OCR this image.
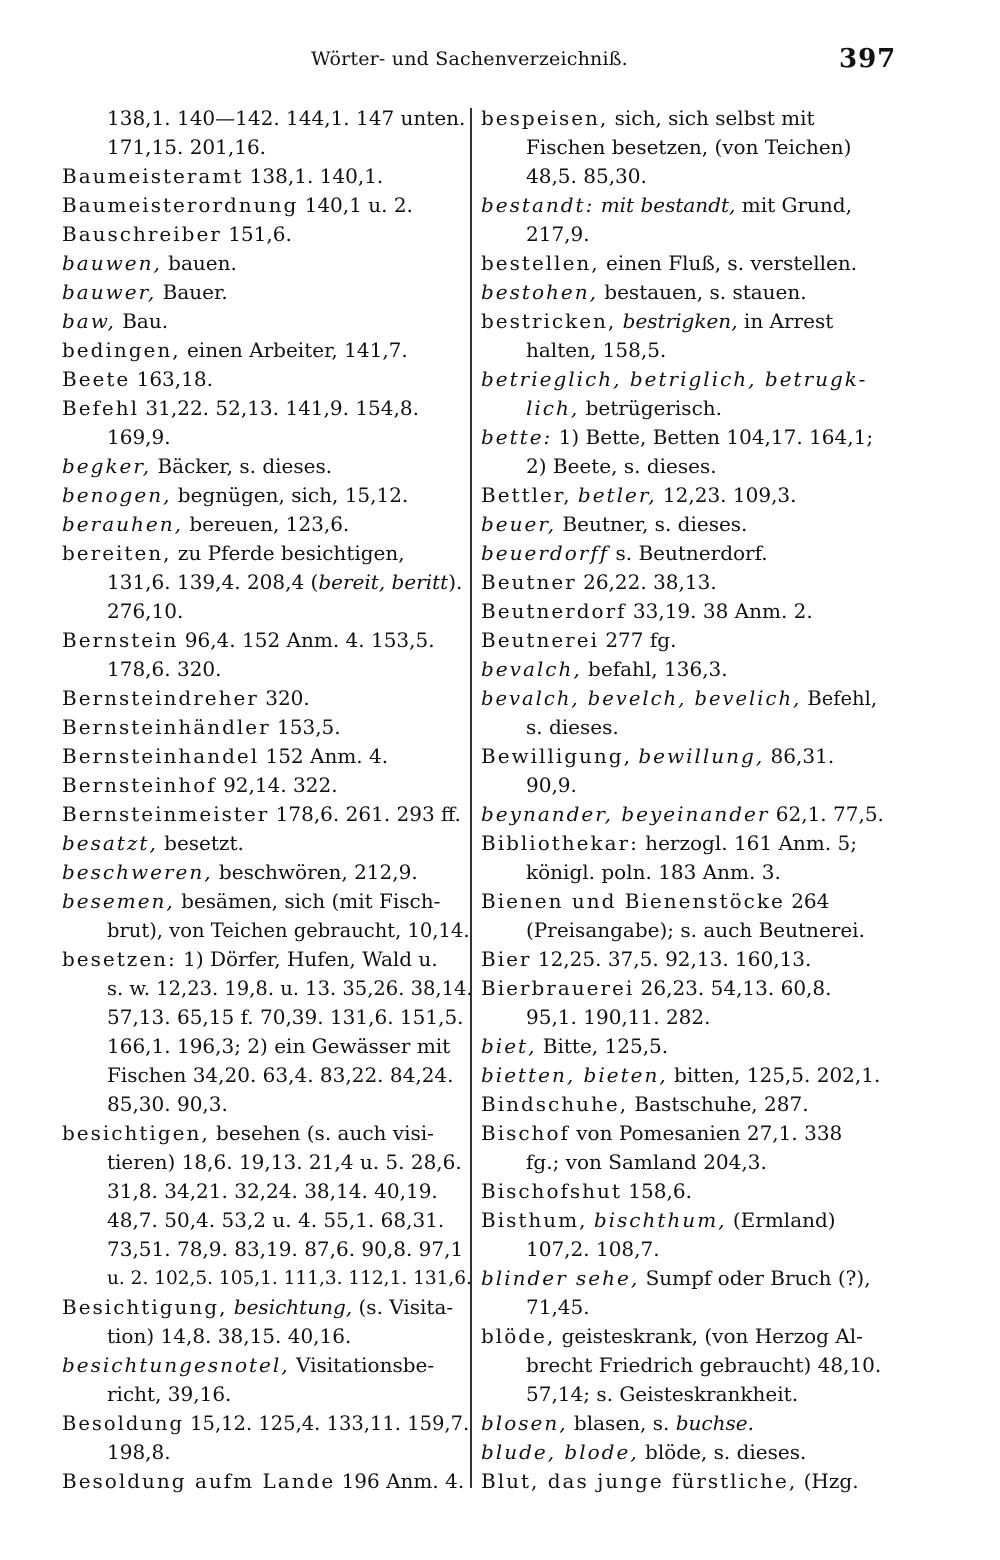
Wörter- und Sachenverzeichniß.	397
138,1. 140—142. 144,1. 147 unten.
171,15. 201,16.
Baumeisteramt 138,1. 140,1.
Baumeisterordnung 140,1 u. 2.
Bauschreiber 151,6.
bauwen, bauen.
bauwer, Bauer.
baw, Bau.
bedingen, einen Arbeiter, 141,7.
Beete 163,18.
Befehl 31,22. 52,13. 141,9. 154,8.
169,9.
begker, Bäcker, s. dieses.
benogen, begnügen, sich, 15,12.
berauhen, bereuen, 123,6.
bereiten, zu Pferde besichtigen,
131,6. 139,4. 208,4 (bereit, beritt).
276,10.
Bernstein 96,4. 152 Anm. 4. 153,5.
178,6. 320.
Bernsteindreher 320.
Bernsteinhändler 153,5.
Bernsteinhandel 152 Anm. 4.
Bernsteinhof 92,14. 322.
Bernsteinmeister 178,6. 261. 293 ff.
besatzt, besetzt.
beschweren, beschwören, 212,9.
besemen, besämen, sich (mit Fisch-
brut), von Teichen gebraucht, 10,14.
besetzen: 1) Dörfer, Hufen, Wald u.
s. w. 12,23. 19,8. u. 13. 35,26. 38,14.
57,13. 65,15 f. 70,39. 131,6. 151,5.
166,1. 196,3; 2) ein Gewässer mit
Fischen 34,20. 63,4. 83,22. 84,24.
85,30. 90,3.
besichtigen, besehen (s. auch visi-
tieren) 18,6. 19,13. 21,4 u. 5. 28,6.
31,8. 34,21. 32,24. 38,14. 40,19.
48,7. 50,4. 53,2 u. 4. 55,1. 68,31.
73,51. 78,9. 83,19. 87,6. 90,8. 97,1
u. 2. 102,5. 105,1. 111,3. 112,1. 131,6.
Besichtigung, besichtung, (s. Visita-
tion) 14,8. 38,15. 40,16.
besichtungesnotel, Visitationsbe-
richt, 39,16.
Besoldung 15,12. 125,4. 133,11. 159,7.
198,8.
Besoldung aufm Lande 196 Anm. 4.
bespeisen, sich, sich selbst mit
Fischen besetzen, (von Teichen)
48,5. 85,30.
bestandt: mit bestandt, mit Grund,
217,9.
bestellen, einen Fluß, s. verstellen.
bestohen, bestauen, s. stauen.
bestricken, bestrigken, in Arrest
halten, 158,5.
betrieglich, betriglich, betrugk-
lich, betrügerisch.
bette: 1) Bette, Betten 104,17. 164,1;
2) Beete, s. dieses.
Bettler, betler, 12,23. 109,3.
beuer, Beutner, s. dieses.
beuerdorff s. Beutnerdorf.
Beutner 26,22. 38,13.
Beutnerdorf 33,19. 38 Anm. 2.
Beutnerei 277 fg.
bevalch, befahl, 136,3.
bevalch, bevelch, bevelich, Befehl,
s. dieses.
Bewilligung, bewillung, 86,31.
90,9.
beynander, beyeinander 62,1. 77,5.
Bibliothekar: herzogl. 161 Anm. 5;
königl. poln. 183 Anm. 3.
Bienen und Bienenstöcke 264
(Preisangabe); s. auch Beutnerei.
Bier 12,25. 37,5. 92,13. 160,13.
Bierbrauerei 26,23. 54,13. 60,8.
95,1. 190,11. 282.
biet, Bitte, 125,5.
bietten, bieten, bitten, 125,5. 202,1.
Bindschuhe, Bastschuhe, 287.
Bischof von Pomesanien 27,1. 338
fg.; von Samland 204,3.
Bischofshut 158,6.
Bisthum, bischthum, (Ermland)
107,2. 108,7.
blinder sehe, Sumpf oder Bruch (?),
71,45.
blöde, geisteskrank, (von Herzog Al-
brecht Friedrich gebraucht) 48,10.
57,14; s. Geisteskrankheit.
blosen, blasen, s. buchse.
blude, blode, blöde, s. dieses.
Blut, das junge fürstliche, (Hzg.
